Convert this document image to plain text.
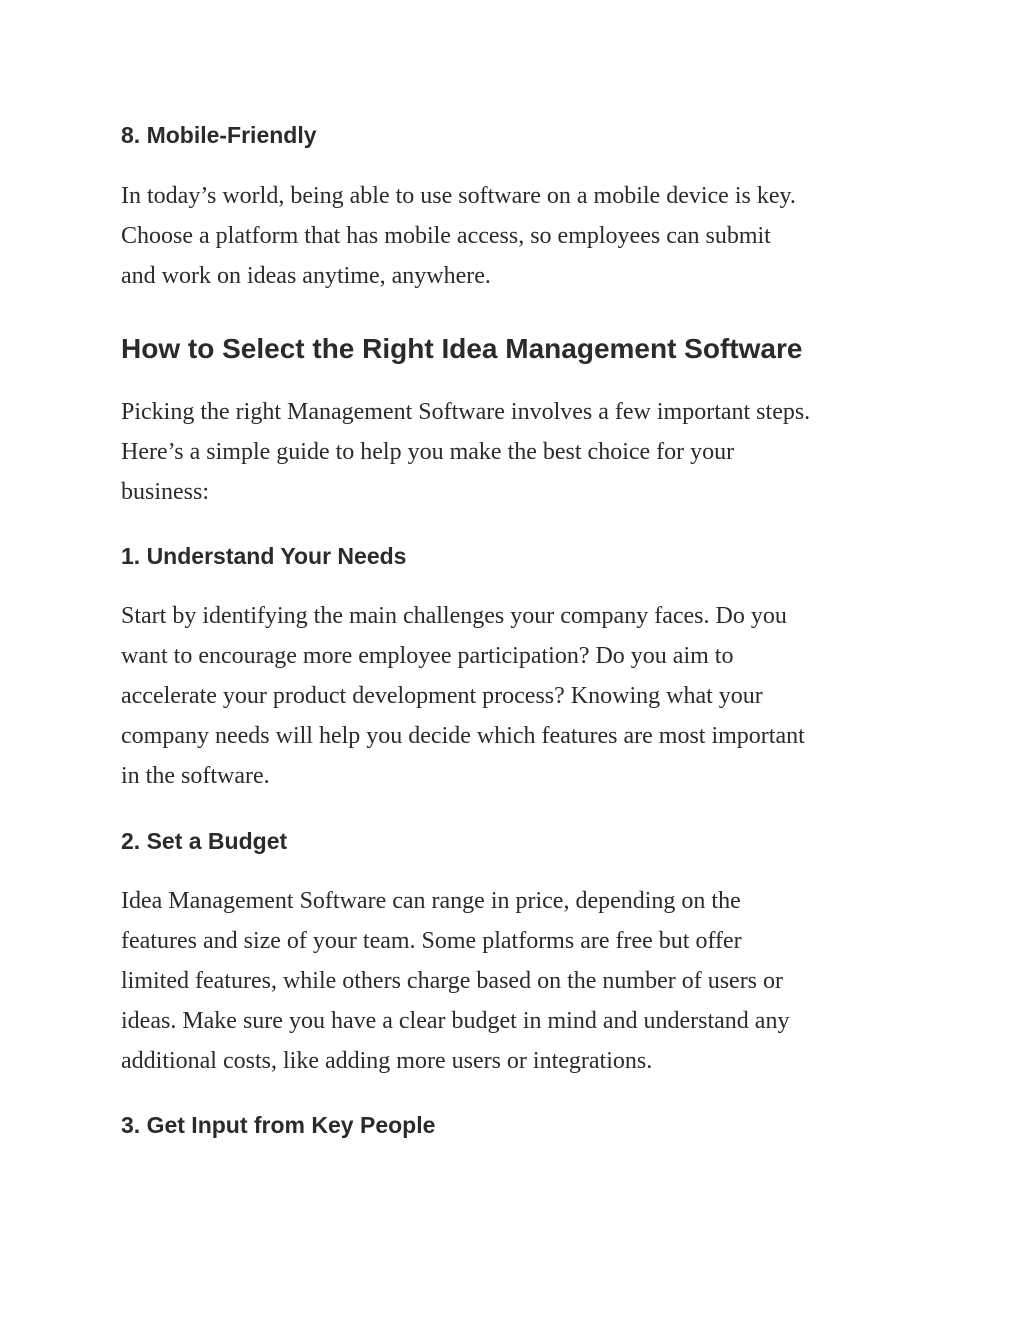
8. Mobile-Friendly

In today’s world, being able to use software on a mobile device is key.
Choose a platform that has mobile access, so employees can submit
and work on ideas anytime, anywhere.

How to Select the Right Idea Management Software

Picking the right Management Software involves a few important steps.
Here’s a simple guide to help you make the best choice for your
business:

1. Understand Your Needs

Start by identifying the main challenges your company faces. Do you
want to encourage more employee participation? Do you aim to
accelerate your product development process? Knowing what your
company needs will help you decide which features are most important
in the software.

2. Set a Budget

Idea Management Software can range in price, depending on the
features and size of your team. Some platforms are free but offer
limited features, while others charge based on the number of users or
ideas. Make sure you have a clear budget in mind and understand any
additional costs, like adding more users or integrations.

3. Get Input from Key People
